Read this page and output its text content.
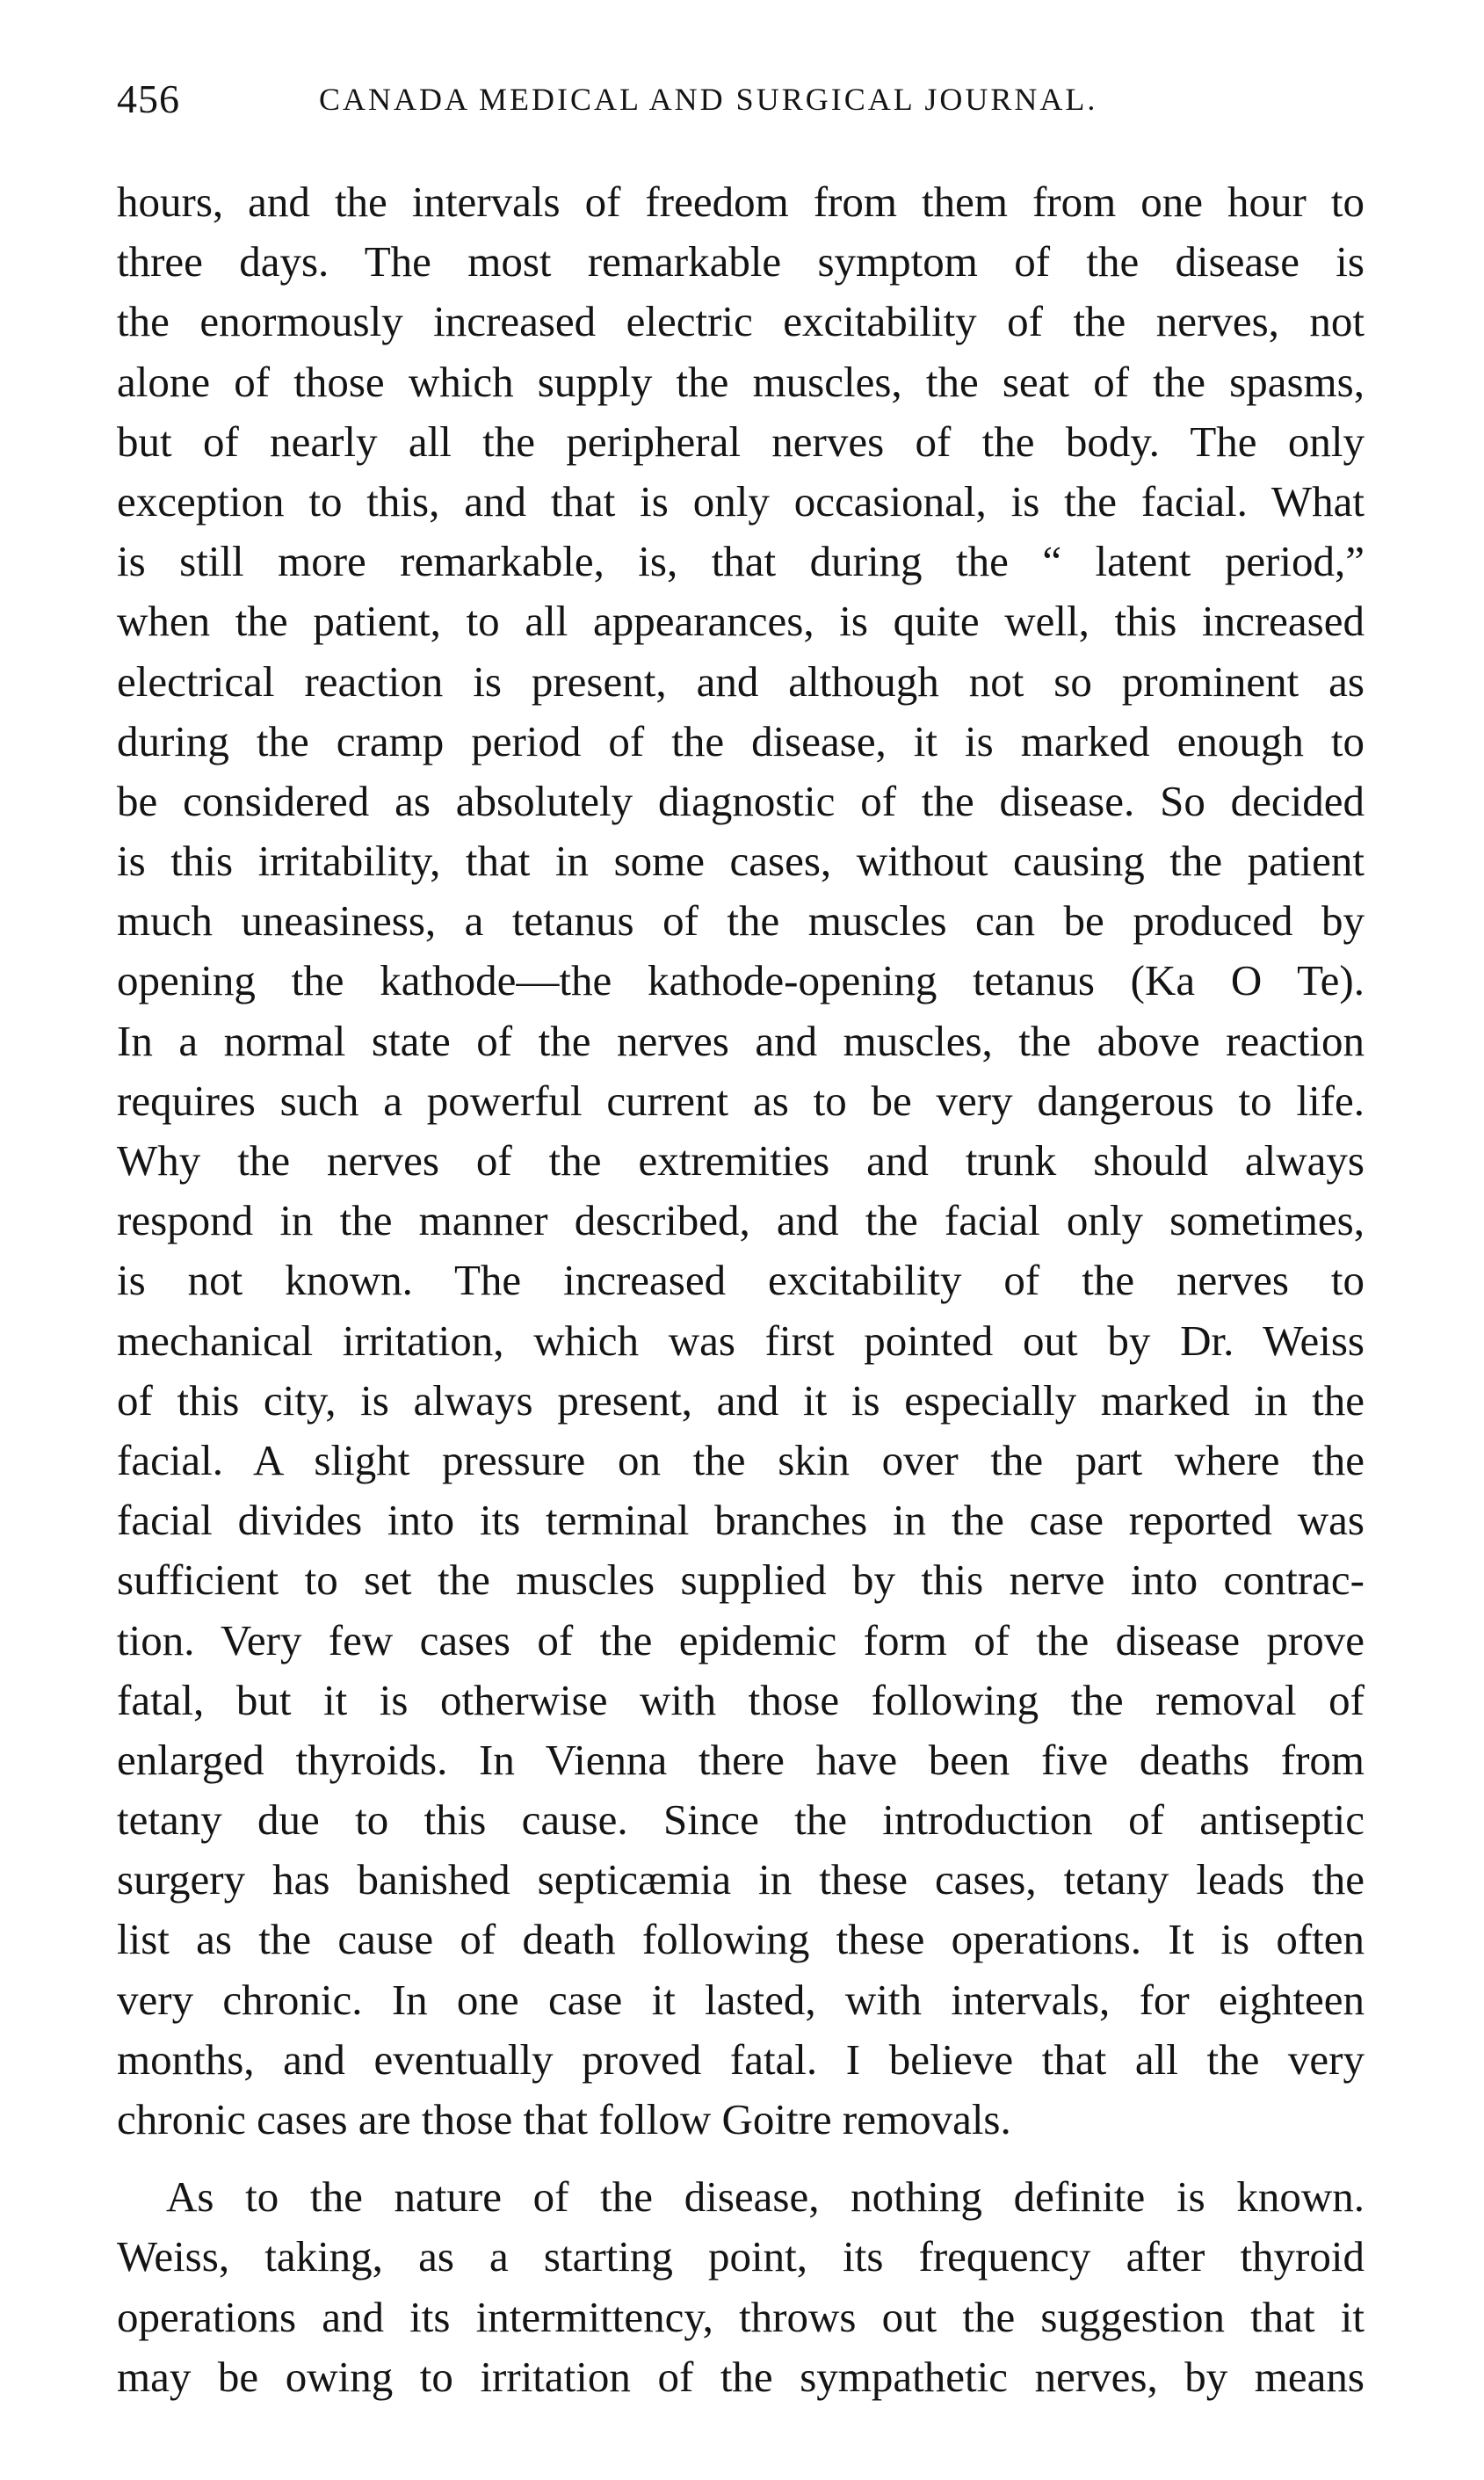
456	CANADA MEDICAL AND SURGICAL JOURNAL.
hours, and the intervals of freedom from them from one hour to
three days. The most remarkable symptom of the disease is
the enormously increased electric excitability of the nerves, not
alone of those which supply the muscles, the seat of the spasms,
but of nearly all the peripheral nerves of the body. The only
exception to this, and that is only occasional, is the facial. What
is still more remarkable, is, that during the “ latent period,”
when the patient, to all appearances, is quite well, this increased
electrical reaction is present, and although not so prominent as
during the cramp period of the disease, it is marked enough to
be considered as absolutely diagnostic of the disease. So decided
is this irritability, that in some cases, without causing the patient
much uneasiness, a tetanus of the muscles can be produced by
opening the kathode—the kathode-opening tetanus (Ka O Te).
In a normal state of the nerves and muscles, the above reaction
requires such a powerful current as to be very dangerous to life.
Why the nerves of the extremities and trunk should always
respond in the manner described, and the facial only sometimes,
is not known. The increased excitability of the nerves to
mechanical irritation, which was first pointed out by Dr. Weiss
of this city, is always present, and it is especially marked in the
facial. A slight pressure on the skin over the part where the
facial divides into its terminal branches in the case reported was
sufficient to set the muscles supplied by this nerve into contrac-
tion. Very few cases of the epidemic form of the disease prove
fatal, but it is otherwise with those following the removal of
enlarged thyroids. In Vienna there have been five deaths from
tetany due to this cause. Since the introduction of antiseptic
surgery has banished septicæmia in these cases, tetany leads the
list as the cause of death following these operations. It is often
very chronic. In one case it lasted, with intervals, for eighteen
months, and eventually proved fatal. I believe that all the very
chronic cases are those that follow Goitre removals.
As to the nature of the disease, nothing definite is known.
Weiss, taking, as a starting point, its frequency after thyroid
operations and its intermittency, throws out the suggestion that it
may be owing to irritation of the sympathetic nerves, by means
